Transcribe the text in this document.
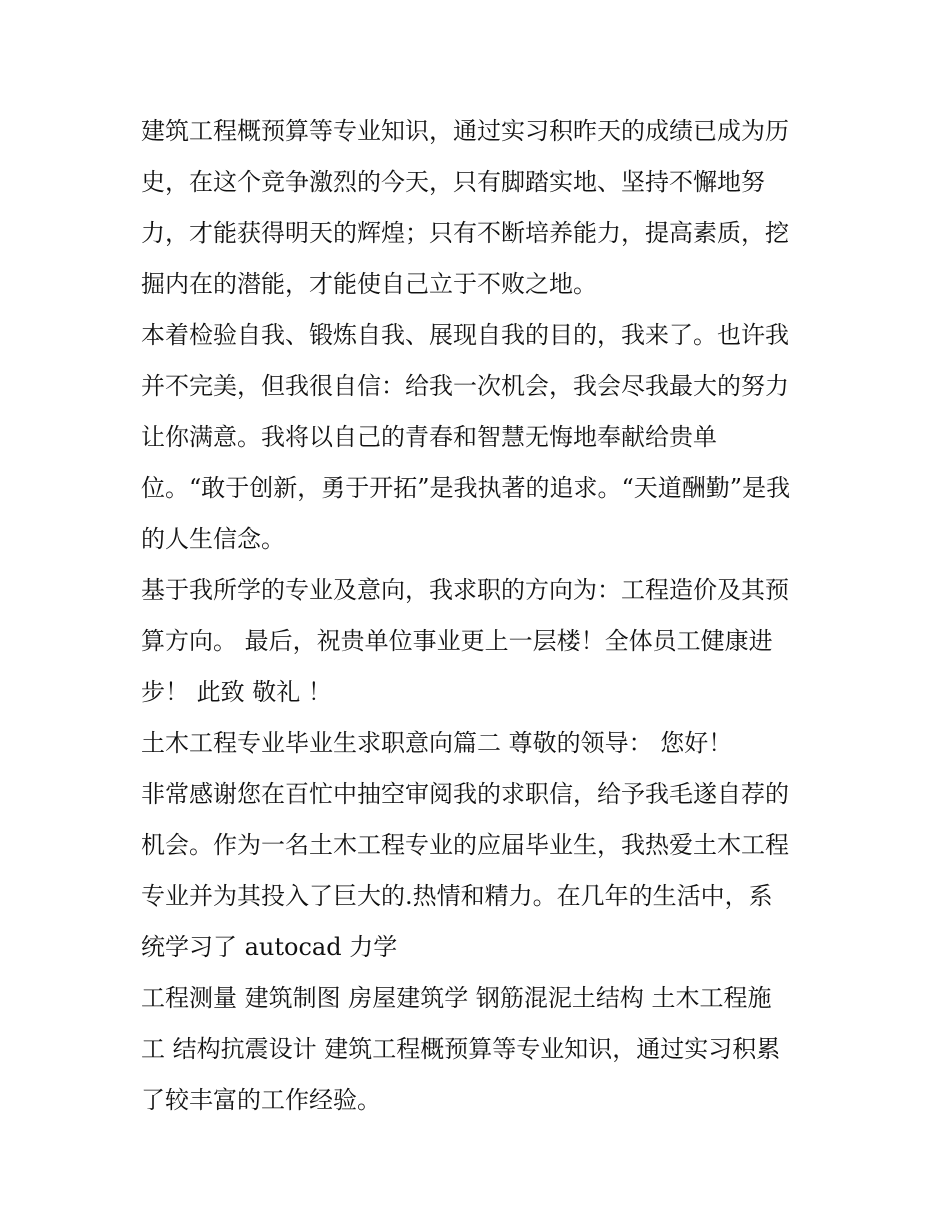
建筑工程概预算等专业知识，通过实习积昨天的成绩已成为历
史，在这个竞争激烈的今天，只有脚踏实地、坚持不懈地努
力，才能获得明天的辉煌；只有不断培养能力，提高素质，挖
掘内在的潜能，才能使自己立于不败之地。
本着检验自我、锻炼自我、展现自我的目的，我来了。也许我
并不完美，但我很自信：给我一次机会，我会尽我最大的努力
让你满意。我将以自己的青春和智慧无悔地奉献给贵单
位。“敢于创新，勇于开拓”是我执著的追求。“天道酬勤”是我
的人生信念。
基于我所学的专业及意向，我求职的方向为：工程造价及其预
算方向。 最后，祝贵单位事业更上一层楼！全体员工健康进
步！ 此致 敬礼 ！
土木工程专业毕业生求职意向篇二 尊敬的领导： 您好！
非常感谢您在百忙中抽空审阅我的求职信，给予我毛遂自荐的
机会。作为一名土木工程专业的应届毕业生，我热爱土木工程
专业并为其投入了巨大的.热情和精力。在几年的生活中，系
统学习了 autocad 力学
工程测量 建筑制图 房屋建筑学 钢筋混泥土结构 土木工程施
工 结构抗震设计 建筑工程概预算等专业知识，通过实习积累
了较丰富的工作经验。
